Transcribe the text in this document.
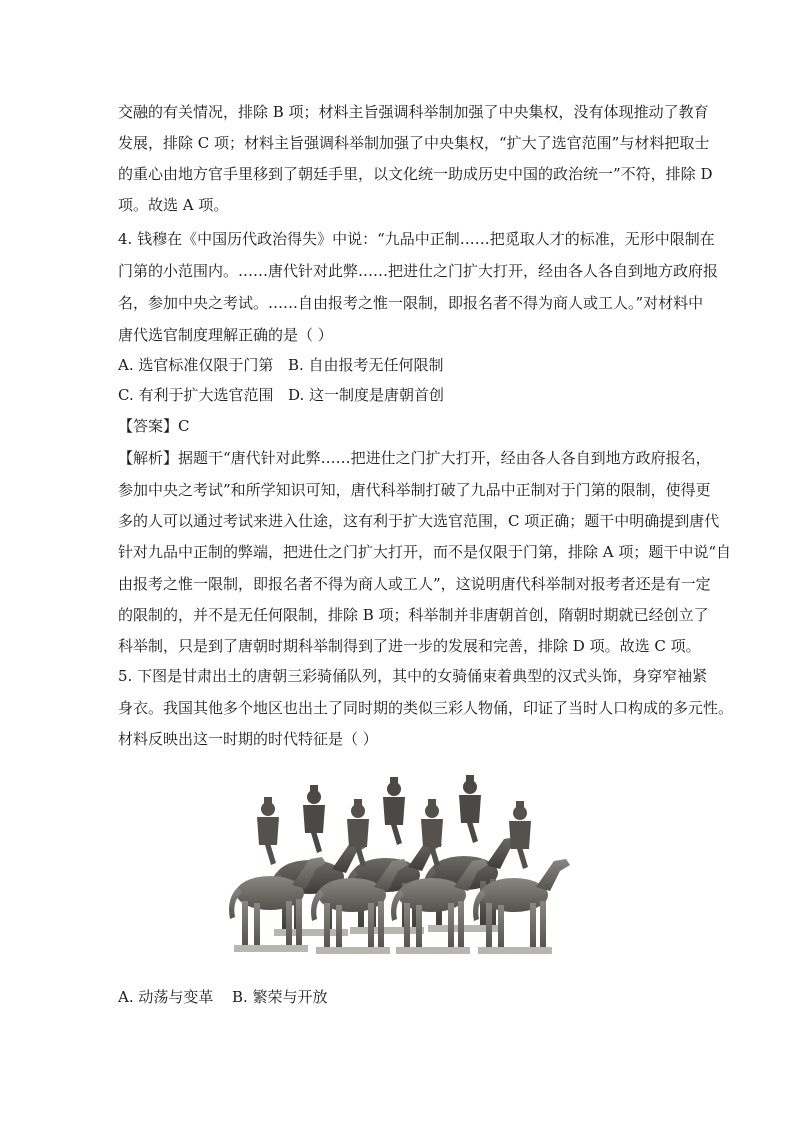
交融的有关情况，排除 B 项；材料主旨强调科举制加强了中央集权，没有体现推动了教育
发展，排除 C 项；材料主旨强调科举制加强了中央集权，“扩大了选官范围”与材料把取士
的重心由地方官手里移到了朝廷手里，以文化统一助成历史中国的政治统一”不符，排除 D
项。故选 A 项。
4. 钱穆在《中国历代政治得失》中说：“九品中正制……把觅取人才的标准，无形中限制在
门第的小范围内。……唐代针对此弊……把进仕之门扩大打开，经由各人各自到地方政府报
名，参加中央之考试。……自由报考之惟一限制，即报名者不得为商人或工人。”对材料中
唐代选官制度理解正确的是（ ）
A. 选官标准仅限于门第 B. 自由报考无任何限制
C. 有利于扩大选官范围 D. 这一制度是唐朝首创
【答案】C
【解析】据题干“唐代针对此弊……把进仕之门扩大打开，经由各人各自到地方政府报名，
参加中央之考试”和所学知识可知，唐代科举制打破了九品中正制对于门第的限制，使得更
多的人可以通过考试来进入仕途，这有利于扩大选官范围，C 项正确；题干中明确提到唐代
针对九品中正制的弊端，把进仕之门扩大打开，而不是仅限于门第，排除 A 项；题干中说“自
由报考之惟一限制，即报名者不得为商人或工人”，这说明唐代科举制对报考者还是有一定
的限制的，并不是无任何限制，排除 B 项；科举制并非唐朝首创，隋朝时期就已经创立了
科举制，只是到了唐朝时期科举制得到了进一步的发展和完善，排除 D 项。故选 C 项。
5. 下图是甘肃出土的唐朝三彩骑俑队列，其中的女骑俑束着典型的汉式头饰，身穿窄袖紧
身衣。我国其他多个地区也出土了同时期的类似三彩人物俑，印证了当时人口构成的多元性。
材料反映出这一时期的时代特征是（ ）
A. 动荡与变革 B. 繁荣与开放
